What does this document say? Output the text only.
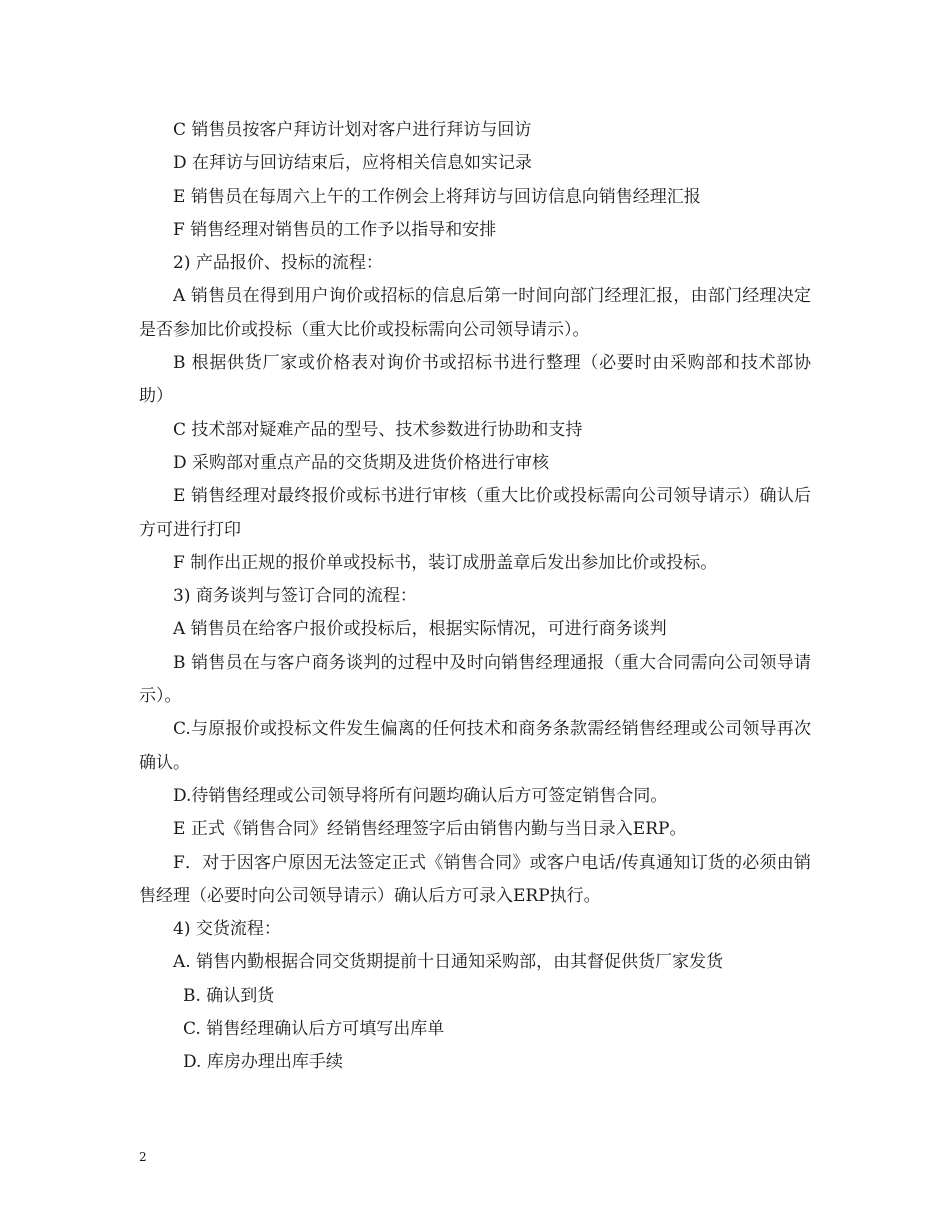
C 销售员按客户拜访计划对客户进行拜访与回访

D 在拜访与回访结束后，应将相关信息如实记录

E 销售员在每周六上午的工作例会上将拜访与回访信息向销售经理汇报

F 销售经理对销售员的工作予以指导和安排

2) 产品报价、投标的流程：

A 销售员在得到用户询价或招标的信息后第一时间向部门经理汇报，由部门经理决定是否参加比价或投标（重大比价或投标需向公司领导请示）。

B 根据供货厂家或价格表对询价书或招标书进行整理（必要时由采购部和技术部协助）

C 技术部对疑难产品的型号、技术参数进行协助和支持

D 采购部对重点产品的交货期及进货价格进行审核

E 销售经理对最终报价或标书进行审核（重大比价或投标需向公司领导请示）确认后方可进行打印

F 制作出正规的报价单或投标书，装订成册盖章后发出参加比价或投标。

3) 商务谈判与签订合同的流程：

A 销售员在给客户报价或投标后，根据实际情况，可进行商务谈判

B 销售员在与客户商务谈判的过程中及时向销售经理通报（重大合同需向公司领导请示）。

C.与原报价或投标文件发生偏离的任何技术和商务条款需经销售经理或公司领导再次确认。

D.待销售经理或公司领导将所有问题均确认后方可签定销售合同。

E 正式《销售合同》经销售经理签字后由销售内勤与当日录入ERP。

F．对于因客户原因无法签定正式《销售合同》或客户电话/传真通知订货的必须由销售经理（必要时向公司领导请示）确认后方可录入ERP执行。

4) 交货流程：

A. 销售内勤根据合同交货期提前十日通知采购部，由其督促供货厂家发货

B. 确认到货

C. 销售经理确认后方可填写出库单

D. 库房办理出库手续

2
